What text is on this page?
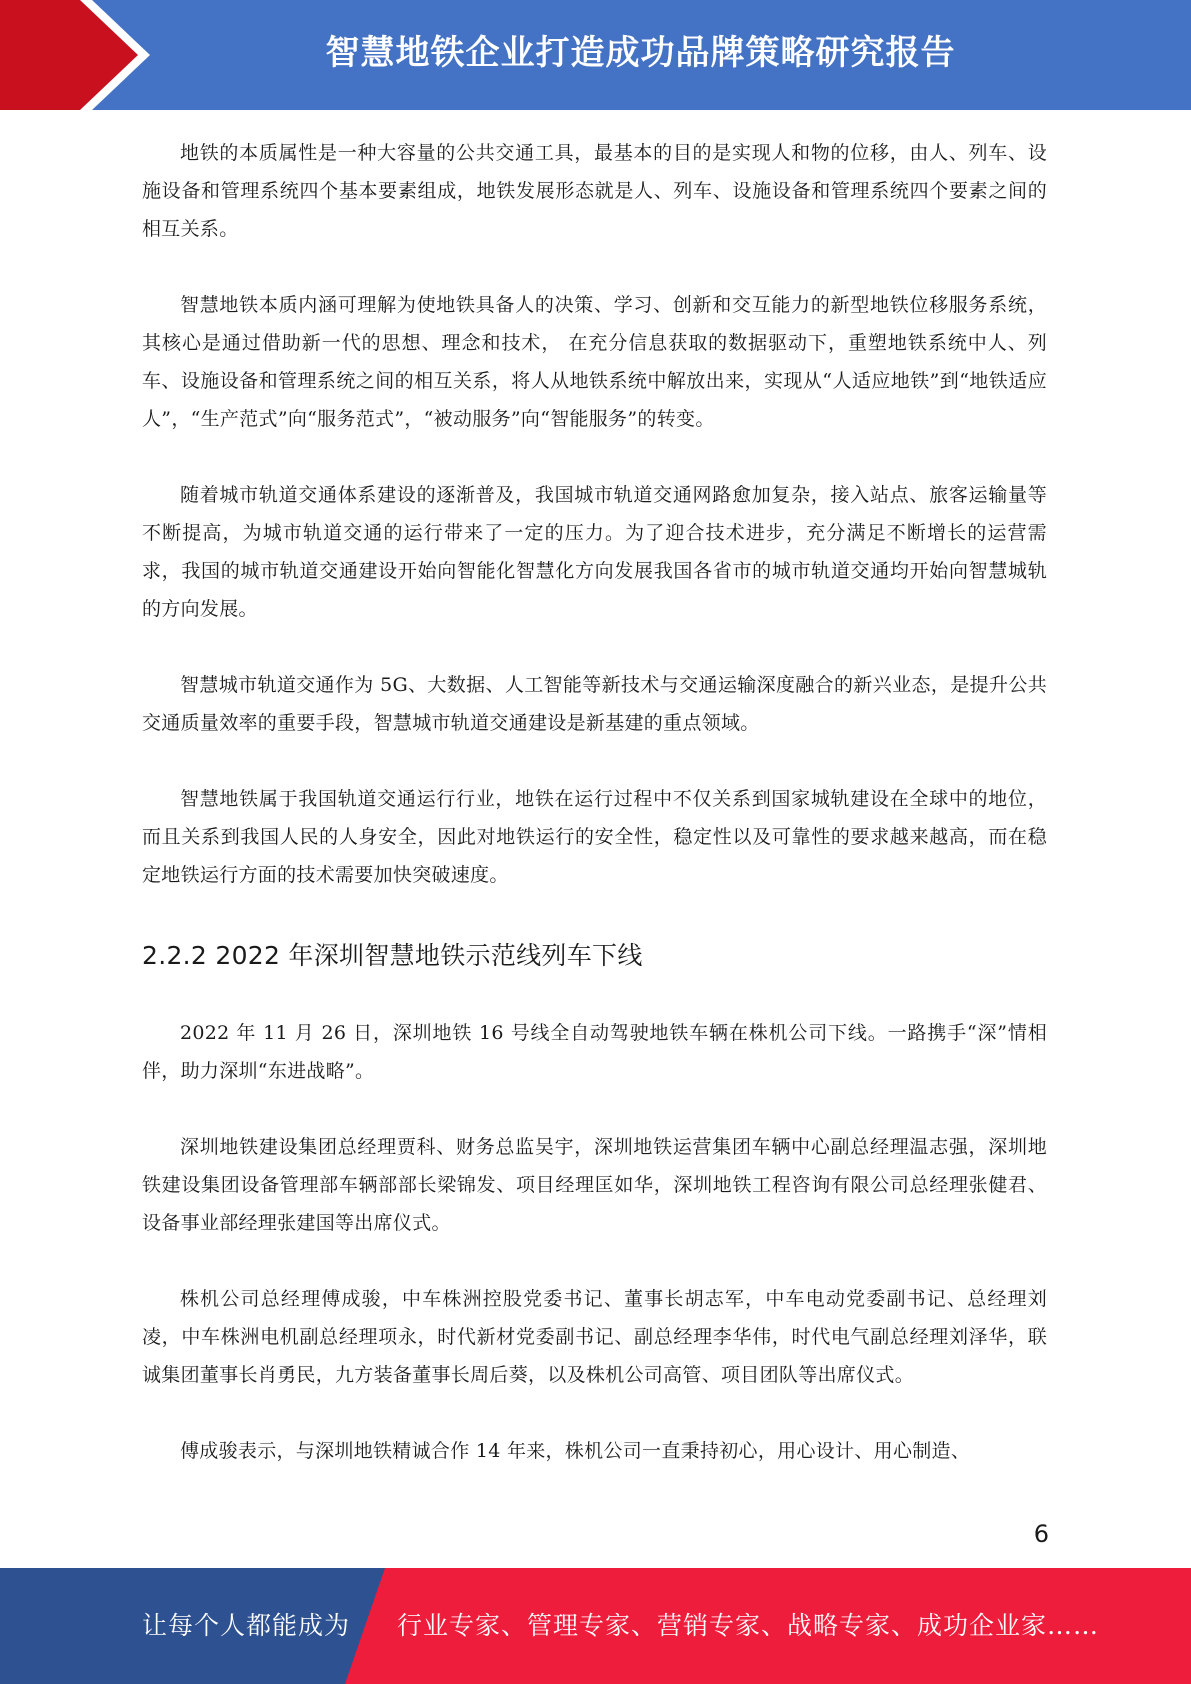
智慧地铁企业打造成功品牌策略研究报告

地铁的本质属性是一种大容量的公共交通工具，最基本的目的是实现人和物的位移，由人、列车、设施设备和管理系统四个基本要素组成，地铁发展形态就是人、列车、设施设备和管理系统四个要素之间的相互关系。

智慧地铁本质内涵可理解为使地铁具备人的决策、学习、创新和交互能力的新型地铁位移服务系统，其核心是通过借助新一代的思想、理念和技术， 在充分信息获取的数据驱动下，重塑地铁系统中人、列车、设施设备和管理系统之间的相互关系，将人从地铁系统中解放出来，实现从“人适应地铁”到“地铁适应人”，“生产范式”向“服务范式”，“被动服务”向“智能服务”的转变。

随着城市轨道交通体系建设的逐渐普及，我国城市轨道交通网路愈加复杂，接入站点、旅客运输量等不断提高，为城市轨道交通的运行带来了一定的压力。为了迎合技术进步，充分满足不断增长的运营需求，我国的城市轨道交通建设开始向智能化智慧化方向发展我国各省市的城市轨道交通均开始向智慧城轨的方向发展。

智慧城市轨道交通作为 5G、大数据、人工智能等新技术与交通运输深度融合的新兴业态，是提升公共交通质量效率的重要手段，智慧城市轨道交通建设是新基建的重点领域。

智慧地铁属于我国轨道交通运行行业，地铁在运行过程中不仅关系到国家城轨建设在全球中的地位，而且关系到我国人民的人身安全，因此对地铁运行的安全性，稳定性以及可靠性的要求越来越高，而在稳定地铁运行方面的技术需要加快突破速度。

2.2.2 2022 年深圳智慧地铁示范线列车下线

2022 年 11 月 26 日，深圳地铁 16 号线全自动驾驶地铁车辆在株机公司下线。一路携手“深”情相伴，助力深圳“东进战略”。

深圳地铁建设集团总经理贾科、财务总监吴宇，深圳地铁运营集团车辆中心副总经理温志强，深圳地铁建设集团设备管理部车辆部部长梁锦发、项目经理匡如华，深圳地铁工程咨询有限公司总经理张健君、设备事业部经理张建国等出席仪式。

株机公司总经理傅成骏，中车株洲控股党委书记、董事长胡志军，中车电动党委副书记、总经理刘凌，中车株洲电机副总经理项永，时代新材党委副书记、副总经理李华伟，时代电气副总经理刘泽华，联诚集团董事长肖勇民，九方装备董事长周后葵，以及株机公司高管、项目团队等出席仪式。

傅成骏表示，与深圳地铁精诚合作 14 年来，株机公司一直秉持初心，用心设计、用心制造、

6
让每个人都能成为 行业专家、管理专家、营销专家、战略专家、成功企业家……
